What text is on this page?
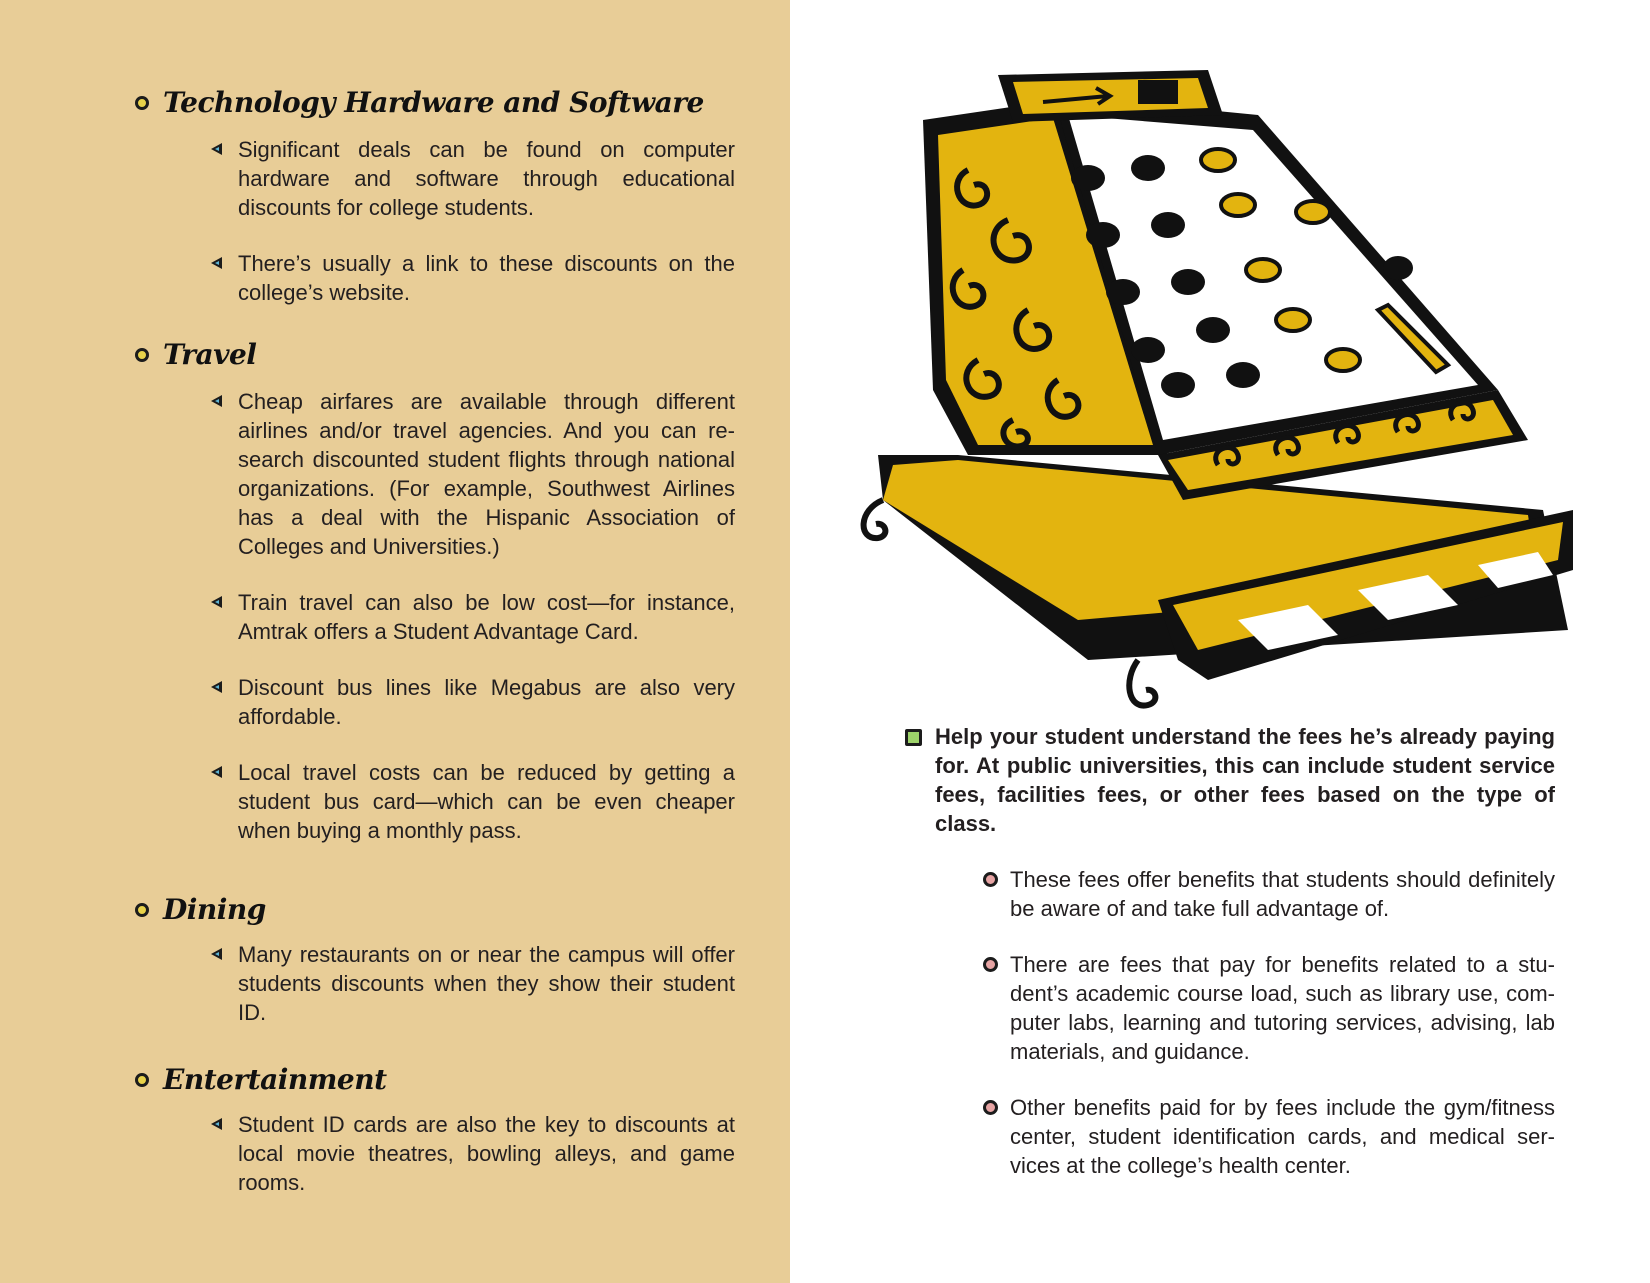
Technology Hardware and Software
Significant deals can be found on computer hardware and software through educational discounts for college students.
There’s usually a link to these discounts on the college’s website.
Travel
Cheap airfares are available through different airlines and/or travel agencies. And you can research discounted student flights through national organizations. (For example, Southwest Airlines has a deal with the Hispanic Association of Colleges and Universities.)
Train travel can also be low cost—for instance, Amtrak offers a Student Advantage Card.
Discount bus lines like Megabus are also very affordable.
Local travel costs can be reduced by getting a student bus card—which can be even cheaper when buying a monthly pass.
Dining
Many restaurants on or near the campus will offer students discounts when they show their student ID.
Entertainment
Student ID cards are also the key to discounts at local movie theatres, bowling alleys, and game rooms.
Help your student understand the fees he’s already paying for. At public universities, this can include student service fees, facilities fees, or other fees based on the type of class.
These fees offer benefits that students should definitely be aware of and take full advantage of.
There are fees that pay for benefits related to a student’s academic course load, such as library use, computer labs, learning and tutoring services, advising, lab materials, and guidance.
Other benefits paid for by fees include the gym/fitness center, student identification cards, and medical services at the college’s health center.
